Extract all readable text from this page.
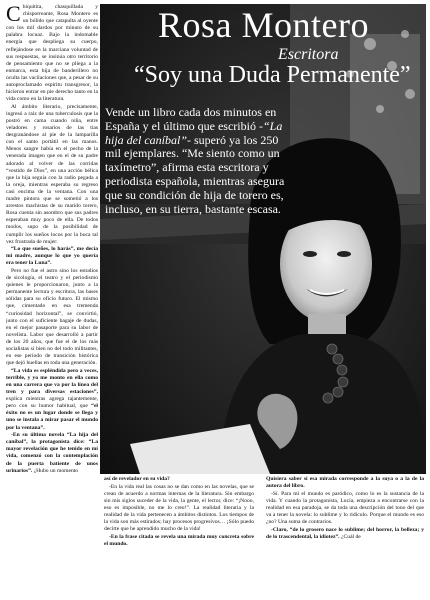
Chiquitita, chasquillada y chisporreante, Rosa Montero es un bólido que catapulta al oyente con los mil dardos por minuto de su palabra locuaz. Bajo la indomable energía que despliega su cuerpo, reflejándose en la marciana voluntad de sus respuestas, se insinúa otro territorio de pensamiento que no se pliega a la enmarca, esta hija de banderillero no oculta las vacilaciones que, a pesar de su autoproclamado espíritu transgresor, la hicieron entrar en pie derecho tanto en la vida como en la literatura.

Al ámbito literario, precisamente, ingresó a raíz de una tuberculosis que la postró en cama cuando niña, entre veladores y rosarios de las tías desgranándose al pie de la lamparilla con el santo portátil en las manos. Menos sangre había en el pecho de la venerada imagen que en el de su padre adorado al volver de las corridas “vestido de Dios”, en una acción bélica que la hija seguía con la radio pegada a la oreja, mientras esperaba su regreso casi encima de la ventana. Con una madre pintora que se sometió a los arrestos machistas de su marido torero, Rosa cuenta sin asombro que sus padres esperaban muy poco de ella. De todos modos, supo de la posibilidad de cumplir los sueños locos por la boca tal vez frustrada de mujer:

“Lo que sueñes, lo harás”, me decía mi madre, aunque lo que yo quería era tener la Luna”.

Pero no fue el astro sino los estudios de sicología, el teatro y el periodismo quienes le proporcionaron, junto a la permanente lectura y escritura, las bases sólidas para su oficio futuro. El mismo que, cimentado en esa tremenda “curiosidad horizontal”, se convirtió, junto con el suficiente bagaje de dudas, en el mejor pasaporte para su labor de novelista. Labor que desarrolló a partir de los 20 años, que fue el de los más socialistas si bien no del todo militantes, en ese período de transición histórica que dejó huellas en toda una generación.

“La vida es espléndida pero a veces, terrible, y yo me monto en ella como en una carrera que va por la línea del tren y para diversas estaciones”, explica mientras agrega tajantemente, pero con su humor habitual, que “el éxito no es un lugar donde se llega y uno se instala a mirar pasar el mundo por la ventana”.

-En su última novela “La hija del caníbal”, la protagonista dice: “La mayor revelación que he tenido en mi vida, comenzó con la contemplación de la puerta batiente de unos urinarios”. ¿Hubo un momento

Rosa Montero
Escritora
“Soy una Duda Permanente”
Vende un libro cada dos minutos en España y el último que escribió -“La hija del caníbal”- superó ya los 250 mil ejemplares. “Me siento como un taxímetro”, afirma esta escritora y periodista española, mientras asegura que su condición de hija de torero es, incluso, en su tierra, bastante escasa.

así de revelador en su vida?

-En la vida real las cosas no se dan como en las novelas, que se crean de acuerdo a normas internas de la literatura. Sin embargo sin mis siglos suceder de la vida, la gente, el lector, dice: “¡Nooo, eso es imposible, no me lo creo!”. La realidad literaria y la realidad de la vida pertenecen a ámbitos distintos. Los tiempos de la vida son más estirados; hay procesos progresivos… ¡Sólo puedo decirte que he aprendido mucho de la vida!

-En la frase citada se revela una mirada muy concreta sobre el mundo.

Quisiera saber si esa mirada corresponde a la suya o a la de la autora del libro.

-Sí. Para mí el mundo es paródico, como lo es la sustancia de la vida. Y cuando la protagonista, Lucía, empieza a encontrarse con la realidad en esa paradoja, se da toda una descripción del tono del que va a tener la novela: lo sublime y lo ridículo. Porque el mundo es eso ¿no? Una suma de contrarios.

-Claro, “de lo grosero nace lo sublime; del horror, la belleza; y de lo trascendental, la idiotez”. ¿Cuál de
